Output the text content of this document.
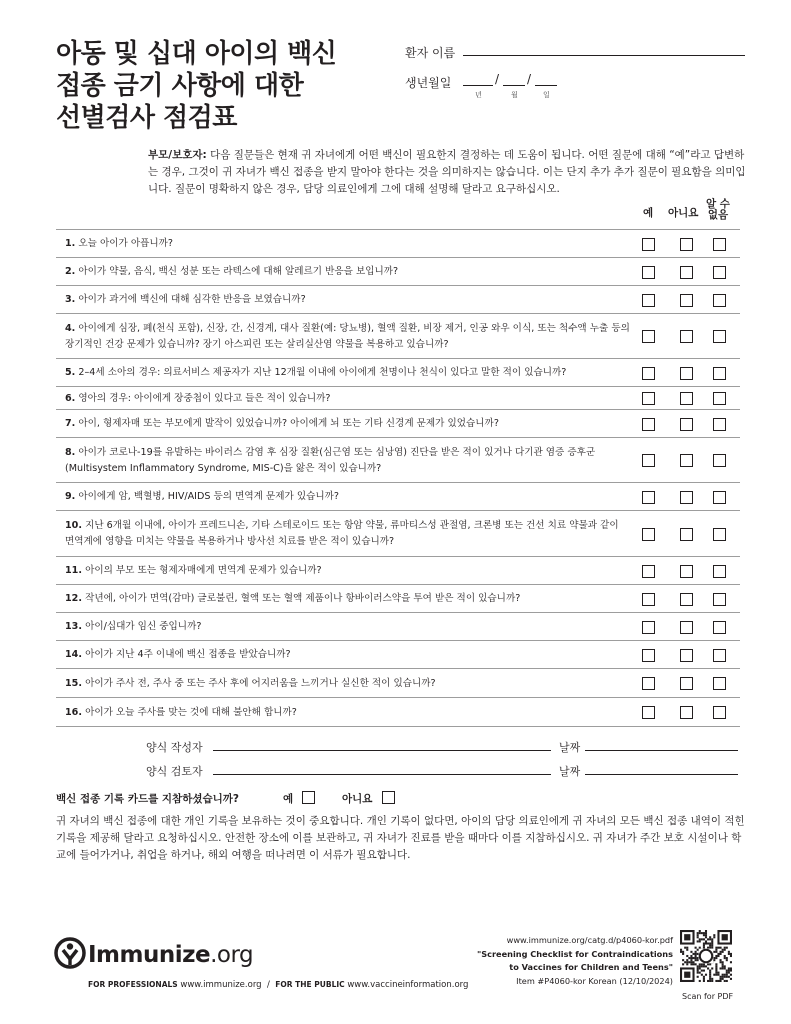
아동 및 십대 아이의 백신
접종 금기 사항에 대한
선별검사 점검표
환자 이름
생년월일	/ /
년	월	일
부모/보호자: 다음 질문들은 현재 귀 자녀에게 어떤 백신이 필요한지 결정하는 데 도움이 됩니다. 어떤 질문에 대해 “예”라고 답변하는 경우, 그것이 귀 자녀가 백신 접종을 받지 말아야 한다는 것을 의미하지는 않습니다. 이는 단지 추가 추가 질문이 필요함을 의미입니다. 질문이 명확하지 않은 경우, 담당 의료인에게 그에 대해 설명해 달라고 요구하십시오.
예 아니요
알 수
없음
1. 오늘 아이가 아픕니까?
2. 아이가 약물, 음식, 백신 성분 또는 라텍스에 대해 알레르기 반응을 보입니까?
3. 아이가 과거에 백신에 대해 심각한 반응을 보였습니까?
4. 아이에게 심장, 폐(천식 포함), 신장, 간, 신경계, 대사 질환(예: 당뇨병), 혈액 질환, 비장 제거, 인공 와우 이식, 또는 척수액 누출 등의 장기적인 건강 문제가 있습니까? 장기 아스피린 또는 살리실산염 약물을 복용하고 있습니까?
5. 2–4세 소아의 경우: 의료서비스 제공자가 지난 12개월 이내에 아이에게 천명이나 천식이 있다고 말한 적이 있습니까?
6. 영아의 경우: 아이에게 장중첩이 있다고 들은 적이 있습니까?
7. 아이, 형제자매 또는 부모에게 발작이 있었습니까? 아이에게 뇌 또는 기타 신경계 문제가 있었습니까?
8. 아이가 코로나-19를 유발하는 바이러스 감염 후 심장 질환(심근염 또는 심낭염) 진단을 받은 적이 있거나 다기관 염증 증후군(Multisystem Inflammatory Syndrome, MIS-C)을 앓은 적이 있습니까?
9. 아이에게 암, 백혈병, HIV/AIDS 등의 면역계 문제가 있습니까?
10. 지난 6개월 이내에, 아이가 프레드니손, 기타 스테로이드 또는 항암 약물, 류마티스성 관절염, 크론병 또는 건선 치료 약물과 같이 면역계에 영향을 미치는 약물을 복용하거나 방사선 치료를 받은 적이 있습니까?
11. 아이의 부모 또는 형제자매에게 면역계 문제가 있습니까?
12. 작년에, 아이가 면역(감마) 글로불린, 혈액 또는 혈액 제품이나 항바이러스약을 투여 받은 적이 있습니까?
13. 아이/십대가 임신 중입니까?
14. 아이가 지난 4주 이내에 백신 접종을 받았습니까?
15. 아이가 주사 전, 주사 중 또는 주사 후에 어지러움을 느끼거나 실신한 적이 있습니까?
16. 아이가 오늘 주사를 맞는 것에 대해 불안해 합니까?
양식 작성자	날짜
양식 검토자	날짜
백신 접종 기록 카드를 지참하셨습니까?	예	아니요
귀 자녀의 백신 접종에 대한 개인 기록을 보유하는 것이 중요합니다. 개인 기록이 없다면, 아이의 담당 의료인에게 귀 자녀의 모든 백신 접종 내역이 적힌 기록을 제공해 달라고 요청하십시오. 안전한 장소에 이를 보관하고, 귀 자녀가 진료를 받을 때마다 이를 지참하십시오. 귀 자녀가 주간 보호 시설이나 학교에 들어가거나, 취업을 하거나, 해외 여행을 떠나려면 이 서류가 필요합니다.
Immunize.org
FOR PROFESSIONALS www.immunize.org / FOR THE PUBLIC www.vaccineinformation.org
www.immunize.org/catg.d/p4060-kor.pdf
"Screening Checklist for Contraindications
to Vaccines for Children and Teens"
Item #P4060-kor Korean (12/10/2024)
Scan for PDF
